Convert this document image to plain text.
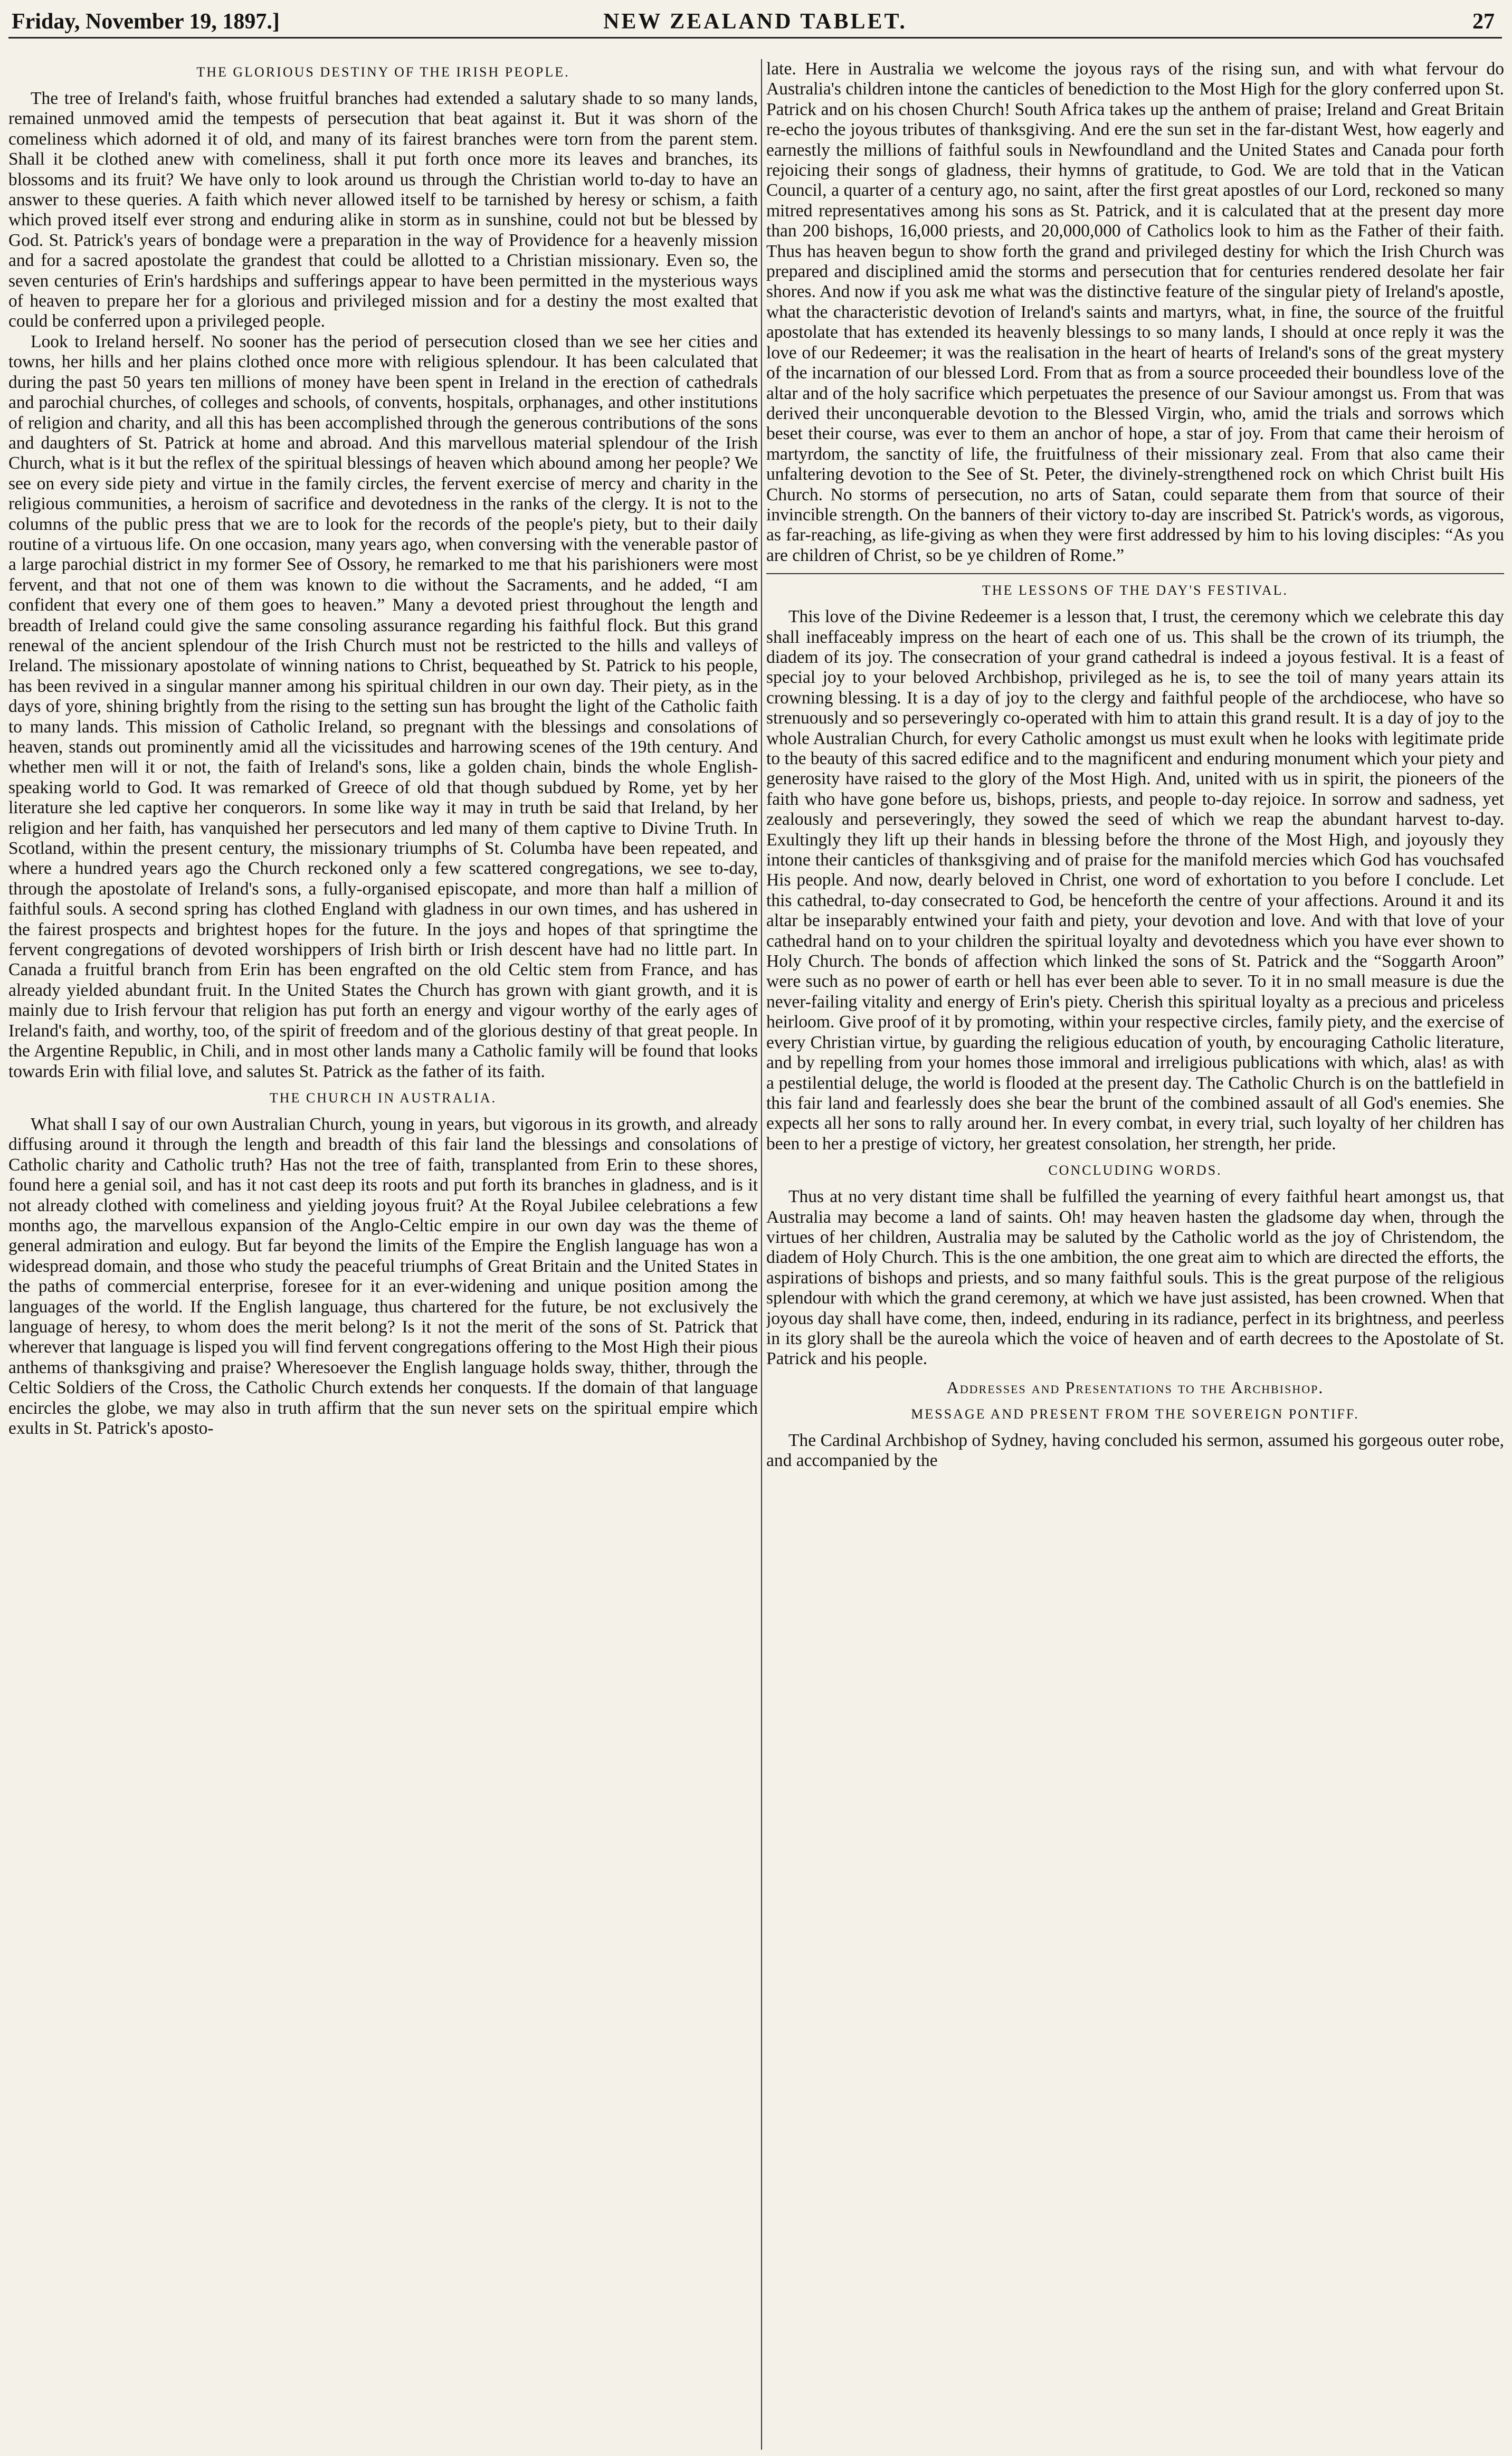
Friday, November 19, 1897.]	NEW ZEALAND TABLET.	27
THE GLORIOUS DESTINY OF THE IRISH PEOPLE.

The tree of Ireland's faith, whose fruitful branches had extended a salutary shade to so many lands, remained unmoved amid the tempests of persecution that beat against it. But it was shorn of the comeliness which adorned it of old, and many of its fairest branches were torn from the parent stem. Shall it be clothed anew with comeliness, shall it put forth once more its leaves and branches, its blossoms and its fruit? We have only to look around us through the Christian world to-day to have an answer to these queries. A faith which never allowed itself to be tarnished by heresy or schism, a faith which proved itself ever strong and enduring alike in storm as in sunshine, could not but be blessed by God. St. Patrick's years of bondage were a preparation in the way of Providence for a heavenly mission and for a sacred apostolate the grandest that could be allotted to a Christian missionary. Even so, the seven centuries of Erin's hardships and sufferings appear to have been permitted in the mysterious ways of heaven to prepare her for a glorious and privileged mission and for a destiny the most exalted that could be conferred upon a privileged people.

Look to Ireland herself. No sooner has the period of persecution closed than we see her cities and towns, her hills and her plains clothed once more with religious splendour. It has been calculated that during the past 50 years ten millions of money have been spent in Ireland in the erection of cathedrals and parochial churches, of colleges and schools, of convents, hospitals, orphanages, and other institutions of religion and charity, and all this has been accomplished through the generous contributions of the sons and daughters of St. Patrick at home and abroad. And this marvellous material splendour of the Irish Church, what is it but the reflex of the spiritual blessings of heaven which abound among her people? We see on every side piety and virtue in the family circles, the fervent exercise of mercy and charity in the religious communities, a heroism of sacrifice and devotedness in the ranks of the clergy. It is not to the columns of the public press that we are to look for the records of the people's piety, but to their daily routine of a virtuous life. On one occasion, many years ago, when conversing with the venerable pastor of a large parochial district in my former See of Ossory, he remarked to me that his parishioners were most fervent, and that not one of them was known to die without the Sacraments, and he added, “I am confident that every one of them goes to heaven.” Many a devoted priest throughout the length and breadth of Ireland could give the same consoling assurance regarding his faithful flock. But this grand renewal of the ancient splendour of the Irish Church must not be restricted to the hills and valleys of Ireland. The missionary apostolate of winning nations to Christ, bequeathed by St. Patrick to his people, has been revived in a singular manner among his spiritual children in our own day. Their piety, as in the days of yore, shining brightly from the rising to the setting sun has brought the light of the Catholic faith to many lands. This mission of Catholic Ireland, so pregnant with the blessings and consolations of heaven, stands out prominently amid all the vicissitudes and harrowing scenes of the 19th century. And whether men will it or not, the faith of Ireland's sons, like a golden chain, binds the whole English-speaking world to God. It was remarked of Greece of old that though subdued by Rome, yet by her literature she led captive her conquerors. In some like way it may in truth be said that Ireland, by her religion and her faith, has vanquished her persecutors and led many of them captive to Divine Truth. In Scotland, within the present century, the missionary triumphs of St. Columba have been repeated, and where a hundred years ago the Church reckoned only a few scattered congregations, we see to-day, through the apostolate of Ireland's sons, a fully-organised episcopate, and more than half a million of faithful souls. A second spring has clothed England with gladness in our own times, and has ushered in the fairest prospects and brightest hopes for the future. In the joys and hopes of that springtime the fervent congregations of devoted worshippers of Irish birth or Irish descent have had no little part. In Canada a fruitful branch from Erin has been engrafted on the old Celtic stem from France, and has already yielded abundant fruit. In the United States the Church has grown with giant growth, and it is mainly due to Irish fervour that religion has put forth an energy and vigour worthy of the early ages of Ireland's faith, and worthy, too, of the spirit of freedom and of the glorious destiny of that great people. In the Argentine Republic, in Chili, and in most other lands many a Catholic family will be found that looks towards Erin with filial love, and salutes St. Patrick as the father of its faith.

THE CHURCH IN AUSTRALIA.

What shall I say of our own Australian Church, young in years, but vigorous in its growth, and already diffusing around it through the length and breadth of this fair land the blessings and consolations of Catholic charity and Catholic truth? Has not the tree of faith, transplanted from Erin to these shores, found here a genial soil, and has it not cast deep its roots and put forth its branches in gladness, and is it not already clothed with comeliness and yielding joyous fruit? At the Royal Jubilee celebrations a few months ago, the marvellous expansion of the Anglo-Celtic empire in our own day was the theme of general admiration and eulogy. But far beyond the limits of the Empire the English language has won a widespread domain, and those who study the peaceful triumphs of Great Britain and the United States in the paths of commercial enterprise, foresee for it an ever-widening and unique position among the languages of the world. If the English language, thus chartered for the future, be not exclusively the language of heresy, to whom does the merit belong? Is it not the merit of the sons of St. Patrick that wherever that language is lisped you will find fervent congregations offering to the Most High their pious anthems of thanksgiving and praise? Wheresoever the English language holds sway, thither, through the Celtic Soldiers of the Cross, the Catholic Church extends her conquests. If the domain of that language encircles the globe, we may also in truth affirm that the sun never sets on the spiritual empire which exults in St. Patrick's aposto-

late. Here in Australia we welcome the joyous rays of the rising sun, and with what fervour do Australia's children intone the canticles of benediction to the Most High for the glory conferred upon St. Patrick and on his chosen Church! South Africa takes up the anthem of praise; Ireland and Great Britain re-echo the joyous tributes of thanksgiving. And ere the sun set in the far-distant West, how eagerly and earnestly the millions of faithful souls in Newfoundland and the United States and Canada pour forth rejoicing their songs of gladness, their hymns of gratitude, to God. We are told that in the Vatican Council, a quarter of a century ago, no saint, after the first great apostles of our Lord, reckoned so many mitred representatives among his sons as St. Patrick, and it is calculated that at the present day more than 200 bishops, 16,000 priests, and 20,000,000 of Catholics look to him as the Father of their faith. Thus has heaven begun to show forth the grand and privileged destiny for which the Irish Church was prepared and disciplined amid the storms and persecution that for centuries rendered desolate her fair shores. And now if you ask me what was the distinctive feature of the singular piety of Ireland's apostle, what the characteristic devotion of Ireland's saints and martyrs, what, in fine, the source of the fruitful apostolate that has extended its heavenly blessings to so many lands, I should at once reply it was the love of our Redeemer; it was the realisation in the heart of hearts of Ireland's sons of the great mystery of the incarnation of our blessed Lord. From that as from a source proceeded their boundless love of the altar and of the holy sacrifice which perpetuates the presence of our Saviour amongst us. From that was derived their unconquerable devotion to the Blessed Virgin, who, amid the trials and sorrows which beset their course, was ever to them an anchor of hope, a star of joy. From that came their heroism of martyrdom, the sanctity of life, the fruitfulness of their missionary zeal. From that also came their unfaltering devotion to the See of St. Peter, the divinely-strengthened rock on which Christ built His Church. No storms of persecution, no arts of Satan, could separate them from that source of their invincible strength. On the banners of their victory to-day are inscribed St. Patrick's words, as vigorous, as far-reaching, as life-giving as when they were first addressed by him to his loving disciples: “As you are children of Christ, so be ye children of Rome.”

THE LESSONS OF THE DAY'S FESTIVAL.

This love of the Divine Redeemer is a lesson that, I trust, the ceremony which we celebrate this day shall ineffaceably impress on the heart of each one of us. This shall be the crown of its triumph, the diadem of its joy. The consecration of your grand cathedral is indeed a joyous festival. It is a feast of special joy to your beloved Archbishop, privileged as he is, to see the toil of many years attain its crowning blessing. It is a day of joy to the clergy and faithful people of the archdiocese, who have so strenuously and so perseveringly co-operated with him to attain this grand result. It is a day of joy to the whole Australian Church, for every Catholic amongst us must exult when he looks with legitimate pride to the beauty of this sacred edifice and to the magnificent and enduring monument which your piety and generosity have raised to the glory of the Most High. And, united with us in spirit, the pioneers of the faith who have gone before us, bishops, priests, and people to-day rejoice. In sorrow and sadness, yet zealously and perseveringly, they sowed the seed of which we reap the abundant harvest to-day. Exultingly they lift up their hands in blessing before the throne of the Most High, and joyously they intone their canticles of thanksgiving and of praise for the manifold mercies which God has vouchsafed His people. And now, dearly beloved in Christ, one word of exhortation to you before I conclude. Let this cathedral, to-day consecrated to God, be henceforth the centre of your affections. Around it and its altar be inseparably entwined your faith and piety, your devotion and love. And with that love of your cathedral hand on to your children the spiritual loyalty and devotedness which you have ever shown to Holy Church. The bonds of affection which linked the sons of St. Patrick and the “Soggarth Aroon” were such as no power of earth or hell has ever been able to sever. To it in no small measure is due the never-failing vitality and energy of Erin's piety. Cherish this spiritual loyalty as a precious and priceless heirloom. Give proof of it by promoting, within your respective circles, family piety, and the exercise of every Christian virtue, by guarding the religious education of youth, by encouraging Catholic literature, and by repelling from your homes those immoral and irreligious publications with which, alas! as with a pestilential deluge, the world is flooded at the present day. The Catholic Church is on the battlefield in this fair land and fearlessly does she bear the brunt of the combined assault of all God's enemies. She expects all her sons to rally around her. In every combat, in every trial, such loyalty of her children has been to her a prestige of victory, her greatest consolation, her strength, her pride.

CONCLUDING WORDS.

Thus at no very distant time shall be fulfilled the yearning of every faithful heart amongst us, that Australia may become a land of saints. Oh! may heaven hasten the gladsome day when, through the virtues of her children, Australia may be saluted by the Catholic world as the joy of Christendom, the diadem of Holy Church. This is the one ambition, the one great aim to which are directed the efforts, the aspirations of bishops and priests, and so many faithful souls. This is the great purpose of the religious splendour with which the grand ceremony, at which we have just assisted, has been crowned. When that joyous day shall have come, then, indeed, enduring in its radiance, perfect in its brightness, and peerless in its glory shall be the aureola which the voice of heaven and of earth decrees to the Apostolate of St. Patrick and his people.

Addresses and Presentations to the Archbishop.
MESSAGE AND PRESENT FROM THE SOVEREIGN PONTIFF.

The Cardinal Archbishop of Sydney, having concluded his sermon, assumed his gorgeous outer robe, and accompanied by the
